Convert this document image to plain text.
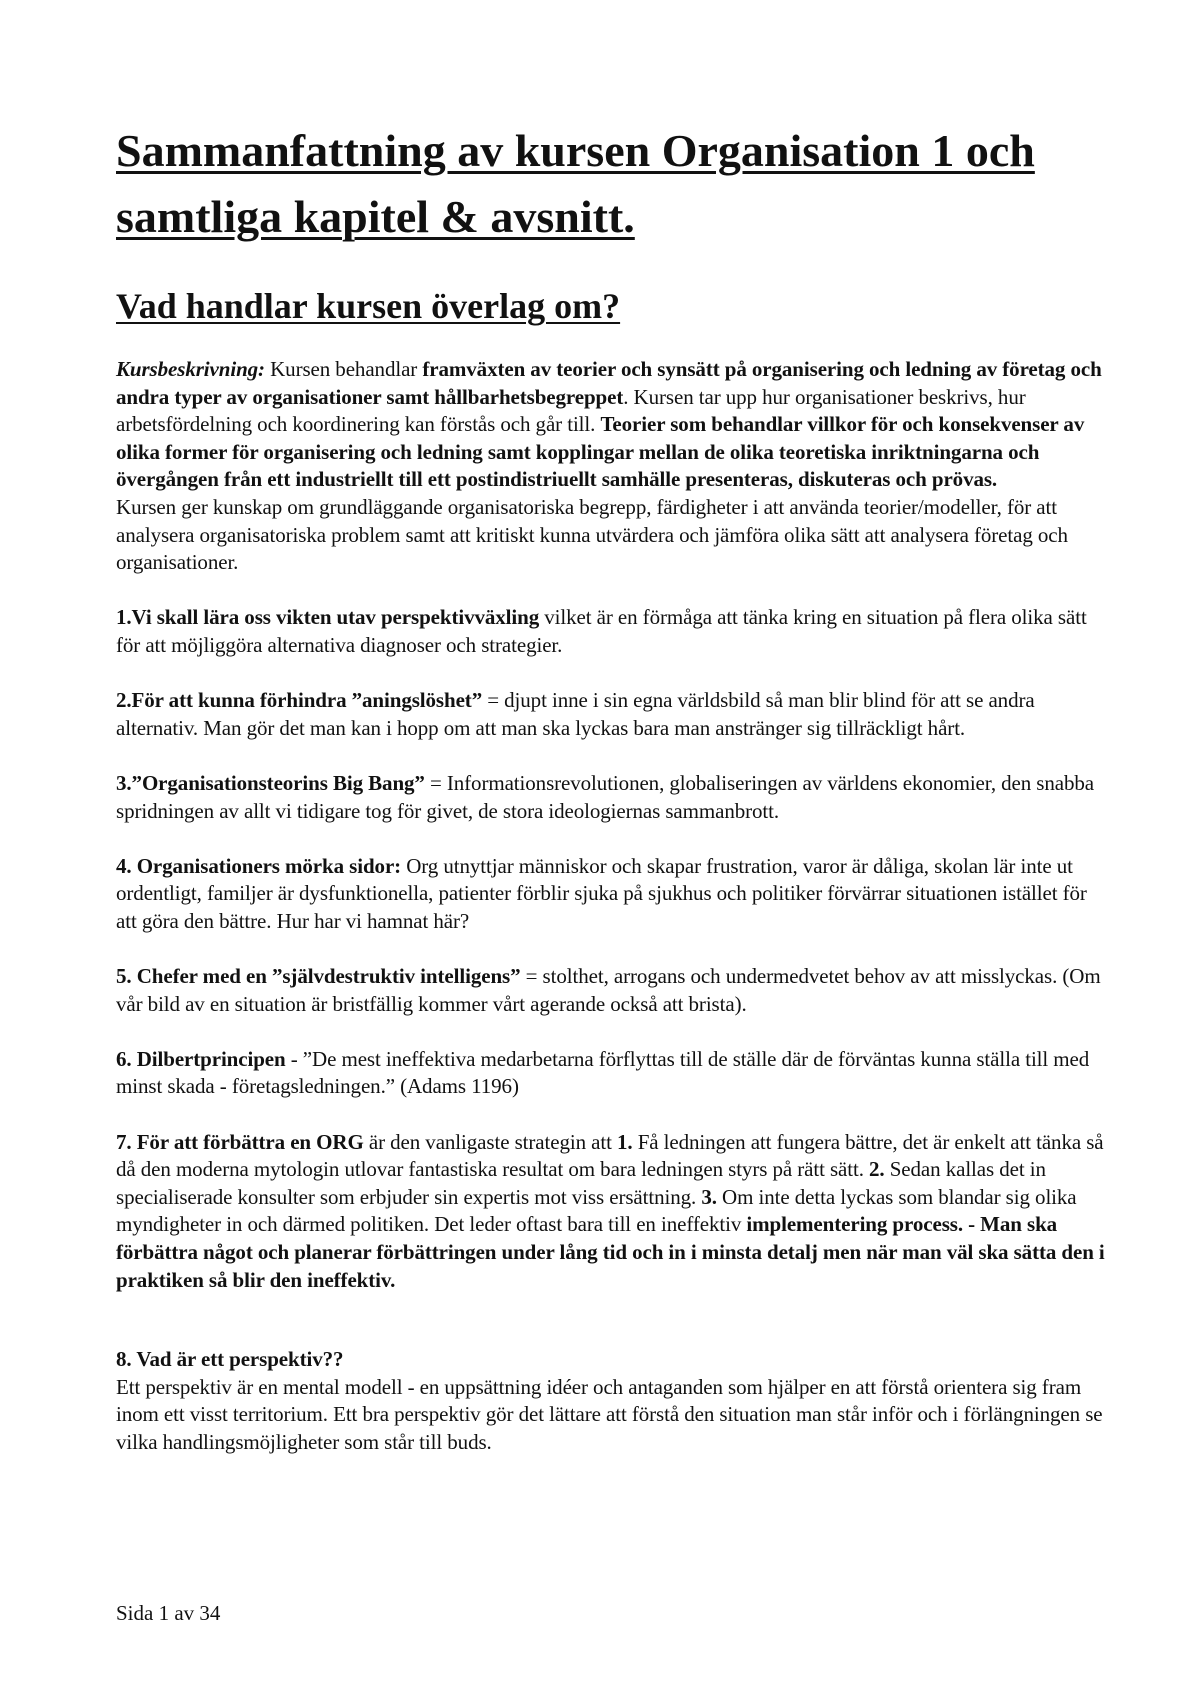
Sammanfattning av kursen Organisation 1 och samtliga kapitel & avsnitt.
Vad handlar kursen överlag om?

Kursbeskrivning: Kursen behandlar framväxten av teorier och synsätt på organisering och ledning av företag och andra typer av organisationer samt hållbarhetsbegreppet. Kursen tar upp hur organisationer beskrivs, hur arbetsfördelning och koordinering kan förstås och går till. Teorier som behandlar villkor för och konsekvenser av olika former för organisering och ledning samt kopplingar mellan de olika teoretiska inriktningarna och övergången från ett industriellt till ett postindistriuellt samhälle presenteras, diskuteras och prövas.

Kursen ger kunskap om grundläggande organisatoriska begrepp, färdigheter i att använda teorier/modeller, för att analysera organisatoriska problem samt att kritiskt kunna utvärdera och jämföra olika sätt att analysera företag och organisationer.

1.Vi skall lära oss vikten utav perspektivväxling vilket är en förmåga att tänka kring en situation på flera olika sätt för att möjliggöra alternativa diagnoser och strategier.

2.För att kunna förhindra ”aningslöshet” = djupt inne i sin egna världsbild så man blir blind för att se andra alternativ. Man gör det man kan i hopp om att man ska lyckas bara man anstränger sig tillräckligt hårt.

3.”Organisationsteorins Big Bang” = Informationsrevolutionen, globaliseringen av världens ekonomier, den snabba spridningen av allt vi tidigare tog för givet, de stora ideologiernas sammanbrott.

4. Organisationers mörka sidor: Org utnyttjar människor och skapar frustration, varor är dåliga, skolan lär inte ut ordentligt, familjer är dysfunktionella, patienter förblir sjuka på sjukhus och politiker förvärrar situationen istället för att göra den bättre. Hur har vi hamnat här?

5. Chefer med en ”självdestruktiv intelligens” = stolthet, arrogans och undermedvetet behov av att misslyckas. (Om vår bild av en situation är bristfällig kommer vårt agerande också att brista).

6. Dilbertprincipen - ”De mest ineffektiva medarbetarna förflyttas till de ställe där de förväntas kunna ställa till med minst skada - företagsledningen.” (Adams 1196)

7. För att förbättra en ORG är den vanligaste strategin att 1. Få ledningen att fungera bättre, det är enkelt att tänka så då den moderna mytologin utlovar fantastiska resultat om bara ledningen styrs på rätt sätt. 2. Sedan kallas det in specialiserade konsulter som erbjuder sin expertis mot viss ersättning. 3. Om inte detta lyckas som blandar sig olika myndigheter in och därmed politiken. Det leder oftast bara till en ineffektiv implementering process. - Man ska förbättra något och planerar förbättringen under lång tid och in i minsta detalj men när man väl ska sätta den i praktiken så blir den ineffektiv.

8. Vad är ett perspektiv??

Ett perspektiv är en mental modell - en uppsättning idéer och antaganden som hjälper en att förstå orientera sig fram inom ett visst territorium. Ett bra perspektiv gör det lättare att förstå den situation man står inför och i förlängningen se vilka handlingsmöjligheter som står till buds.

Sida 1 av 34
